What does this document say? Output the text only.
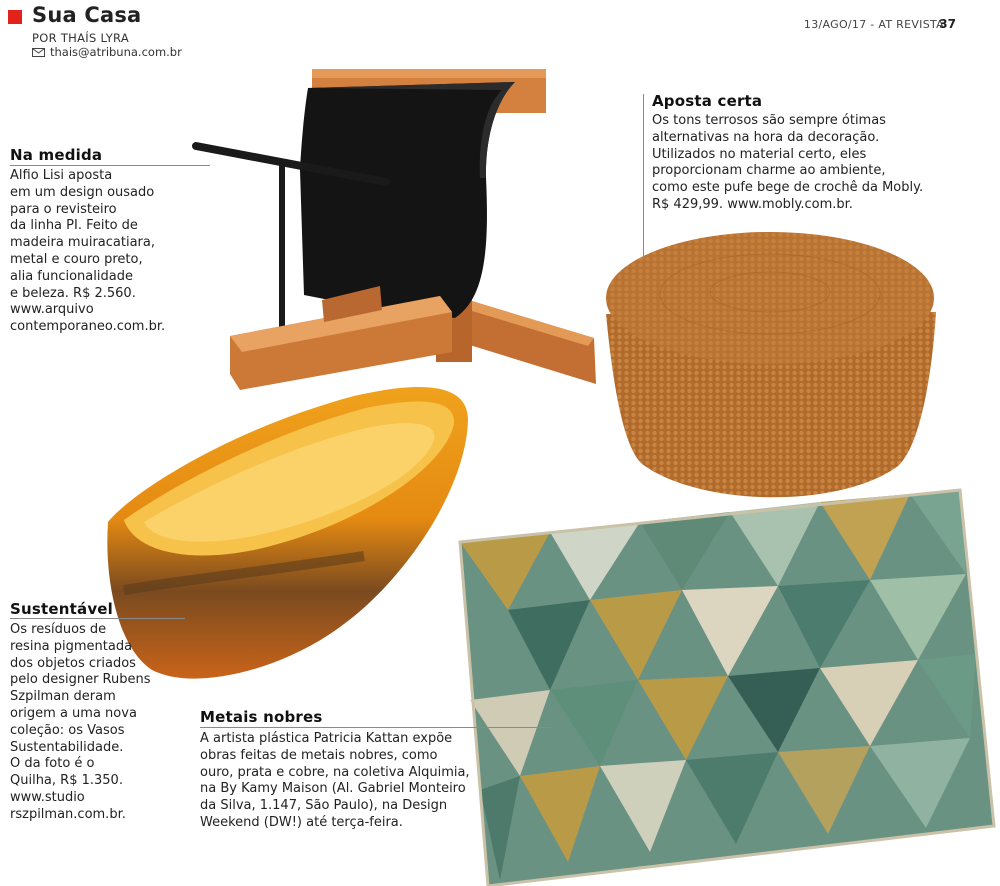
Sua Casa
POR THAÍS LYRA
thais@atribuna.com.br
13/AGO/17 - AT REVISTA
37
Na medida
Alfio Lisi aposta
em um design ousado
para o revisteiro
da linha PI. Feito de
madeira muiracatiara,
metal e couro preto,
alia funcionalidade
e beleza. R$ 2.560.
www.arquivo
contemporaneo.com.br.
Aposta certa
Os tons terrosos são sempre ótimas
alternativas na hora da decoração.
Utilizados no material certo, eles
proporcionam charme ao ambiente,
como este pufe bege de crochê da Mobly.
R$ 429,99. www.mobly.com.br.
Sustentável
Os resíduos de
resina pigmentada
dos objetos criados
pelo designer Rubens
Szpilman deram
origem a uma nova
coleção: os Vasos
Sustentabilidade.
O da foto é o
Quilha, R$ 1.350.
www.studio
rszpilman.com.br.
Metais nobres
A artista plástica Patricia Kattan expõe
obras feitas de metais nobres, como
ouro, prata e cobre, na coletiva Alquimia,
na By Kamy Maison (Al. Gabriel Monteiro
da Silva, 1.147, São Paulo), na Design
Weekend (DW!) até terça-feira.
